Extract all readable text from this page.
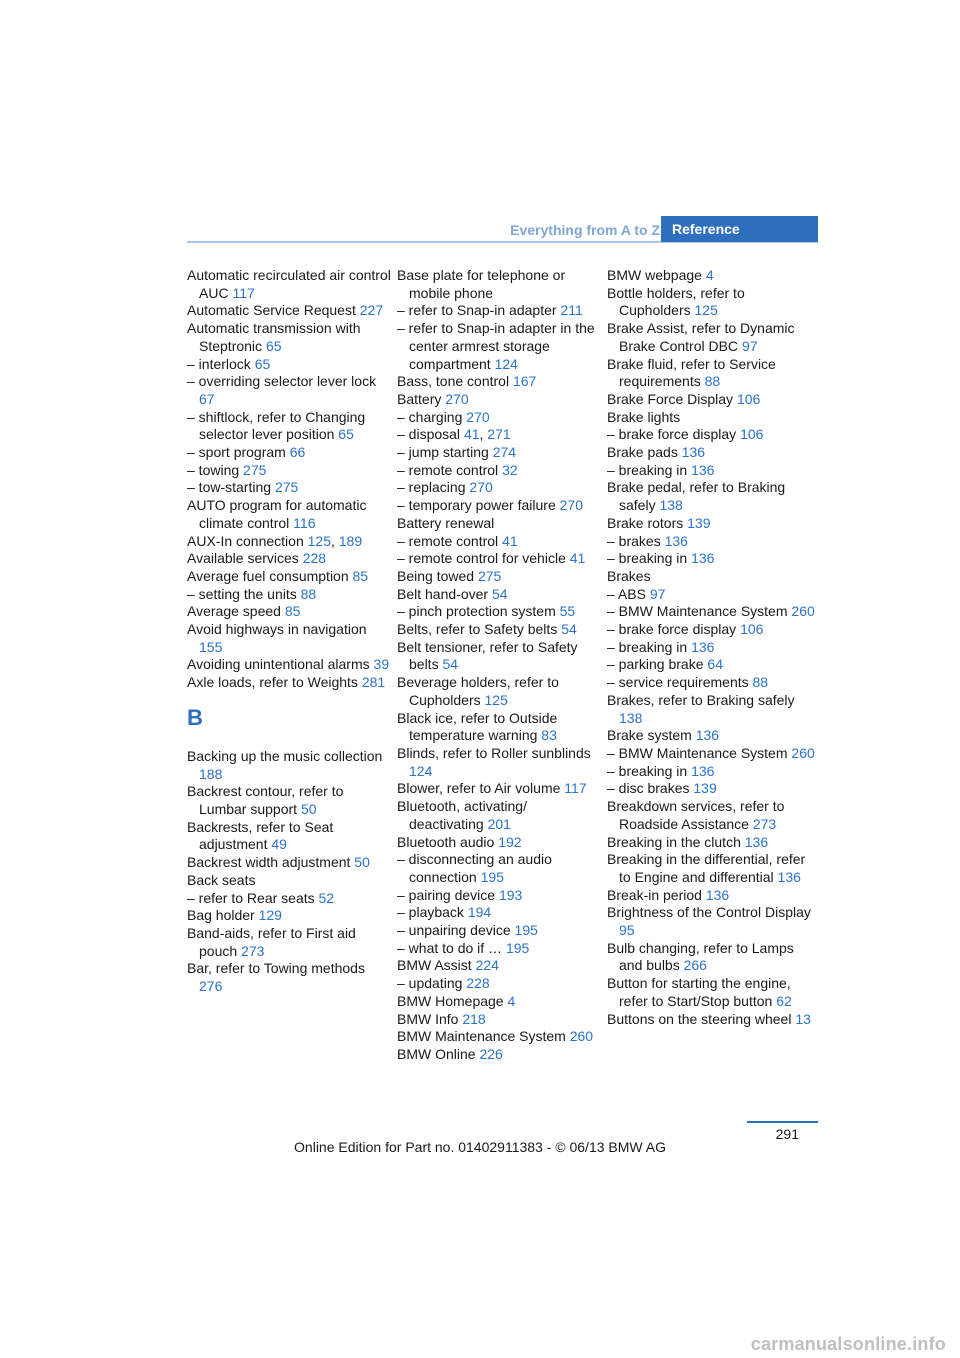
Everything from A to Z Reference
Automatic recirculated air control AUC 117
Automatic Service Request 227
Automatic transmission with Steptronic 65
– interlock 65
– overriding selector lever lock 67
– shiftlock, refer to Changing selector lever position 65
– sport program 66
– towing 275
– tow-starting 275
AUTO program for automatic climate control 116
AUX-In connection 125, 189
Available services 228
Average fuel consumption 85
– setting the units 88
Average speed 85
Avoid highways in navigation 155
Avoiding unintentional alarms 39
Axle loads, refer to Weights 281
B
Backing up the music collection 188
Backrest contour, refer to Lumbar support 50
Backrests, refer to Seat adjustment 49
Backrest width adjustment 50
Back seats
– refer to Rear seats 52
Bag holder 129
Band-aids, refer to First aid pouch 273
Bar, refer to Towing methods 276
Base plate for telephone or mobile phone
– refer to Snap-in adapter 211
– refer to Snap-in adapter in the center armrest storage compartment 124
Bass, tone control 167
Battery 270
– charging 270
– disposal 41, 271
– jump starting 274
– remote control 32
– replacing 270
– temporary power failure 270
Battery renewal
– remote control 41
– remote control for vehicle 41
Being towed 275
Belt hand-over 54
– pinch protection system 55
Belts, refer to Safety belts 54
Belt tensioner, refer to Safety belts 54
Beverage holders, refer to Cupholders 125
Black ice, refer to Outside temperature warning 83
Blinds, refer to Roller sunblinds 124
Blower, refer to Air volume 117
Bluetooth, activating/ deactivating 201
Bluetooth audio 192
– disconnecting an audio connection 195
– pairing device 193
– playback 194
– unpairing device 195
– what to do if … 195
BMW Assist 224
– updating 228
BMW Homepage 4
BMW Info 218
BMW Maintenance System 260
BMW Online 226
BMW webpage 4
Bottle holders, refer to Cupholders 125
Brake Assist, refer to Dynamic Brake Control DBC 97
Brake fluid, refer to Service requirements 88
Brake Force Display 106
Brake lights
– brake force display 106
Brake pads 136
– breaking in 136
Brake pedal, refer to Braking safely 138
Brake rotors 139
– brakes 136
– breaking in 136
Brakes
– ABS 97
– BMW Maintenance System 260
– brake force display 106
– breaking in 136
– parking brake 64
– service requirements 88
Brakes, refer to Braking safely 138
Brake system 136
– BMW Maintenance System 260
– breaking in 136
– disc brakes 139
Breakdown services, refer to Roadside Assistance 273
Breaking in the clutch 136
Breaking in the differential, refer to Engine and differential 136
Break-in period 136
Brightness of the Control Display 95
Bulb changing, refer to Lamps and bulbs 266
Button for starting the engine, refer to Start/Stop button 62
Buttons on the steering wheel 13
291
Online Edition for Part no. 01402911383 - © 06/13 BMW AG
carmanualsonline.info
